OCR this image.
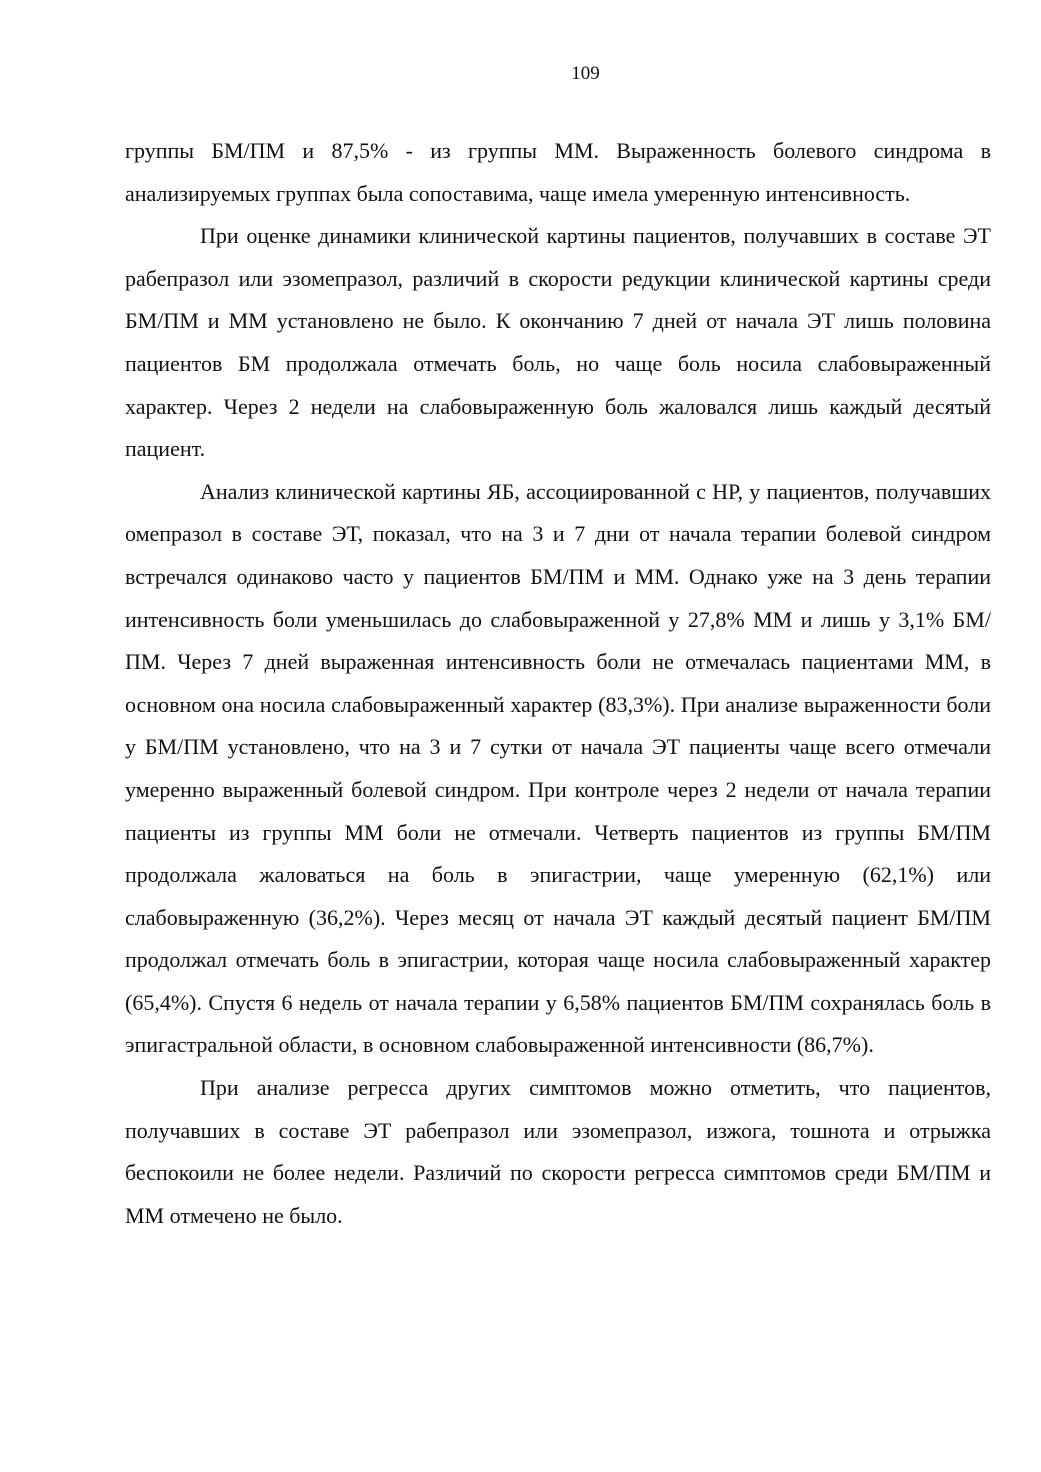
109

группы БМ/ПМ и 87,5% - из группы ММ. Выраженность болевого синдрома в анализируемых группах была сопоставима, чаще имела умеренную интенсивность.

При оценке динамики клинической картины пациентов, получавших в составе ЭТ рабепразол или эзомепразол, различий в скорости редукции клинической картины среди БМ/ПМ и ММ установлено не было. К окончанию 7 дней от начала ЭТ лишь половина пациентов БМ продолжала отмечать боль, но чаще боль носила слабовыраженный характер. Через 2 недели на слабовыраженную боль жаловался лишь каждый десятый пациент.

Анализ клинической картины ЯБ, ассоциированной с НР, у пациентов, получавших омепразол в составе ЭТ, показал, что на 3 и 7 дни от начала терапии болевой синдром встречался одинаково часто у пациентов БМ/ПМ и ММ. Однако уже на 3 день терапии интенсивность боли уменьшилась до слабовыраженной у 27,8% ММ и лишь у 3,1% БМ/ПМ. Через 7 дней выраженная интенсивность боли не отмечалась пациентами ММ, в основном она носила слабовыраженный характер (83,3%). При анализе выраженности боли у БМ/ПМ установлено, что на 3 и 7 сутки от начала ЭТ пациенты чаще всего отмечали умеренно выраженный болевой синдром. При контроле через 2 недели от начала терапии пациенты из группы ММ боли не отмечали. Четверть пациентов из группы БМ/ПМ продолжала жаловаться на боль в эпигастрии, чаще умеренную (62,1%) или слабовыраженную (36,2%). Через месяц от начала ЭТ каждый десятый пациент БМ/ПМ продолжал отмечать боль в эпигастрии, которая чаще носила слабовыраженный характер (65,4%). Спустя 6 недель от начала терапии у 6,58% пациентов БМ/ПМ сохранялась боль в эпигастральной области, в основном слабовыраженной интенсивности (86,7%).

При анализе регресса других симптомов можно отметить, что пациентов, получавших в составе ЭТ рабепразол или эзомепразол, изжога, тошнота и отрыжка беспокоили не более недели. Различий по скорости регресса симптомов среди БМ/ПМ и ММ отмечено не было.
